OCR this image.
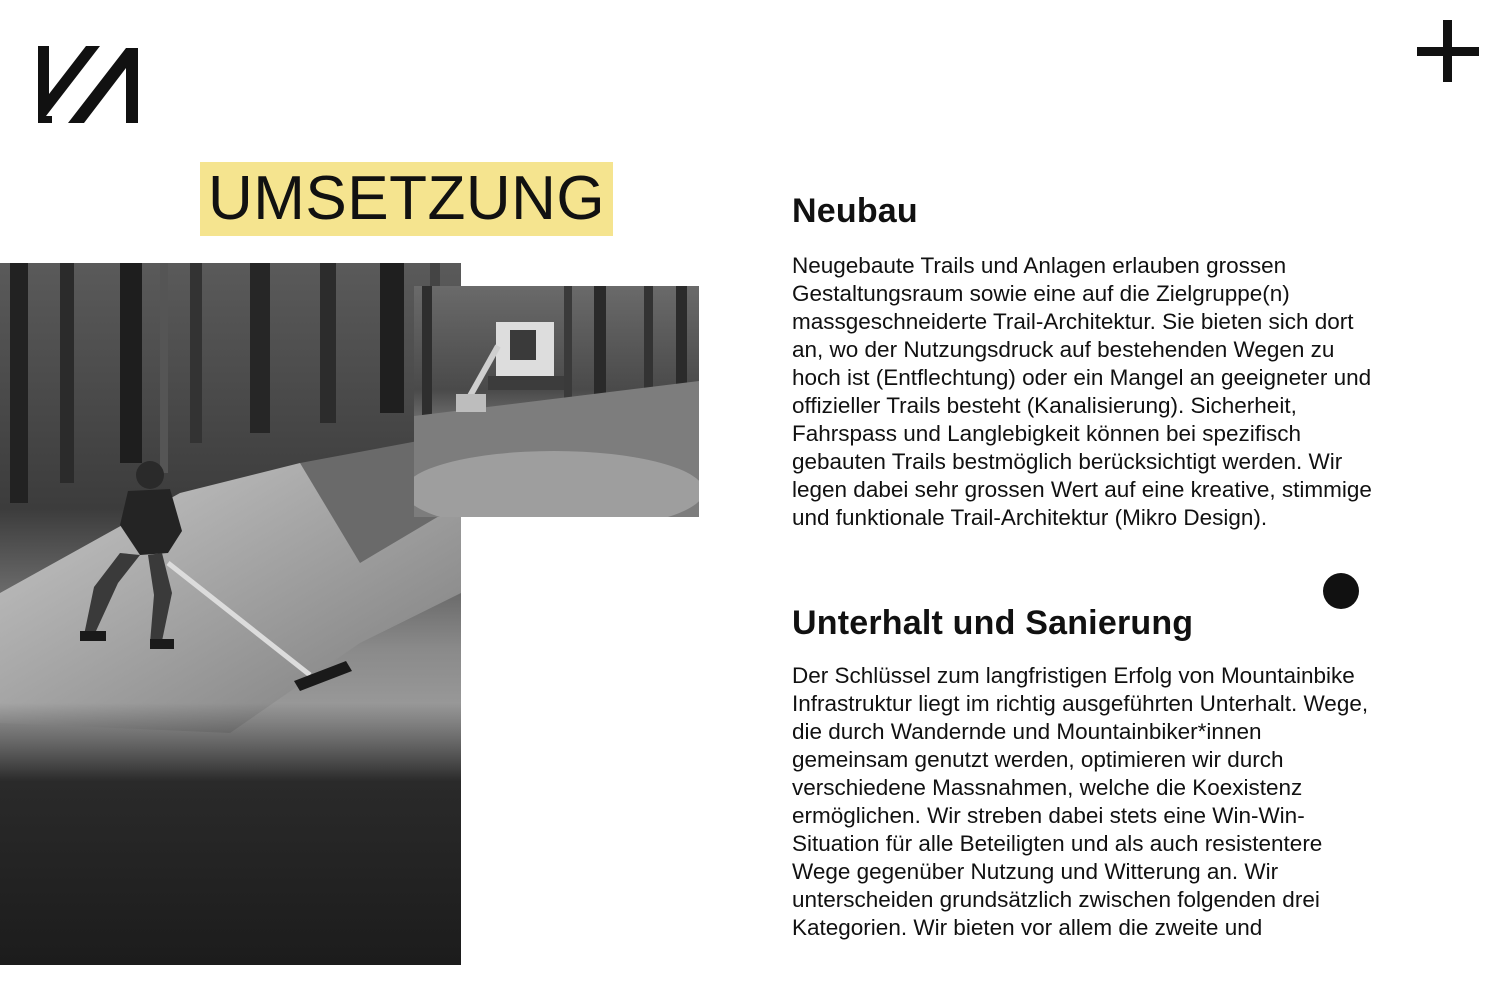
UMSETZUNG	Neubau

Neugebaute Trails und Anlagen erlauben grossen Gestaltungsraum sowie eine auf die Zielgruppe(n) massgeschneiderte Trail-Architektur. Sie bieten sich dort an, wo der Nutzungsdruck auf bestehenden Wegen zu hoch ist (Entflechtung) oder ein Mangel an geeigneter und offizieller Trails besteht (Kanalisierung). Sicherheit, Fahrspass und Langlebigkeit können bei spezifisch gebauten Trails bestmöglich berücksichtigt werden. Wir legen dabei sehr grossen Wert auf eine kreative, stimmige und funktionale Trail-Architektur (Mikro Design).

Unterhalt und Sanierung

Der Schlüssel zum langfristigen Erfolg von Mountainbike Infrastruktur liegt im richtig ausgeführten Unterhalt. Wege, die durch Wandernde und Mountainbiker*innen gemeinsam genutzt werden, optimieren wir durch verschiedene Massnahmen, welche die Koexistenz ermöglichen. Wir streben dabei stets eine Win-Win-Situation für alle Beteiligten und als auch resistentere Wege gegenüber Nutzung und Witterung an. Wir unterscheiden grundsätzlich zwischen folgenden drei Kategorien. Wir bieten vor allem die zweite und
